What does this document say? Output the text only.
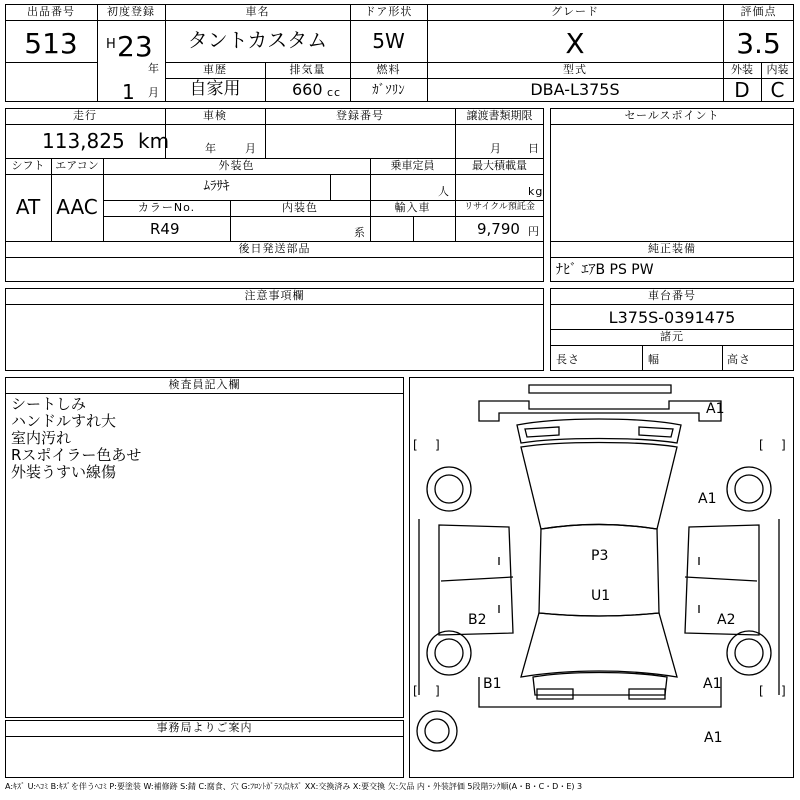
出品番号
513
初度登録
H 23
年
1 月
車名
タントカスタム
ドア形状
5W
グレード
X
評価点
3.5
車歴
自家用
排気量
660 cc
燃料
ｶﾞｿﾘﾝ
型式
DBA-L375S
外装	内装
D	C
走行
113,825 km
車検
年	月
登録番号	譲渡書類期限
月 日
シフト
AT
エアコン
AAC
外装色
ﾑﾗｻｷ
乗車定員
人
最大積載量
kg
カラーNo.
R49
内装色
系
輸入車	リサイクル預託金
9,790 円
後日発送部品
注意事項欄
セールスポイント
純正装備
ﾅﾋﾞ ｴｱB PS PW
車台番号
L375S-0391475
諸元
長さ	幅	高さ
検査員記入欄
シートしみ
ハンドルすれ大
室内汚れ
Rスポイラー色あせ
外装うすい線傷
事務局よりご案内
[ ]	[ ]
[ ]	[ ]
A1
A1
P3
U1
B2	A2
B1	A1
A1
A:ｷｽﾞ U:ﾍｺﾐ B:ｷｽﾞを伴うﾍｺﾐ P:要塗装 W:補修跡 S:錆 C:腐食、穴 G:ﾌﾛﾝﾄｶﾞﾗｽ点ｷｽﾞ XX:交換済み X:要交換 欠:欠品 内・外装評価 5段階ﾗﾝｸ順(A・B・C・D・E) 3
